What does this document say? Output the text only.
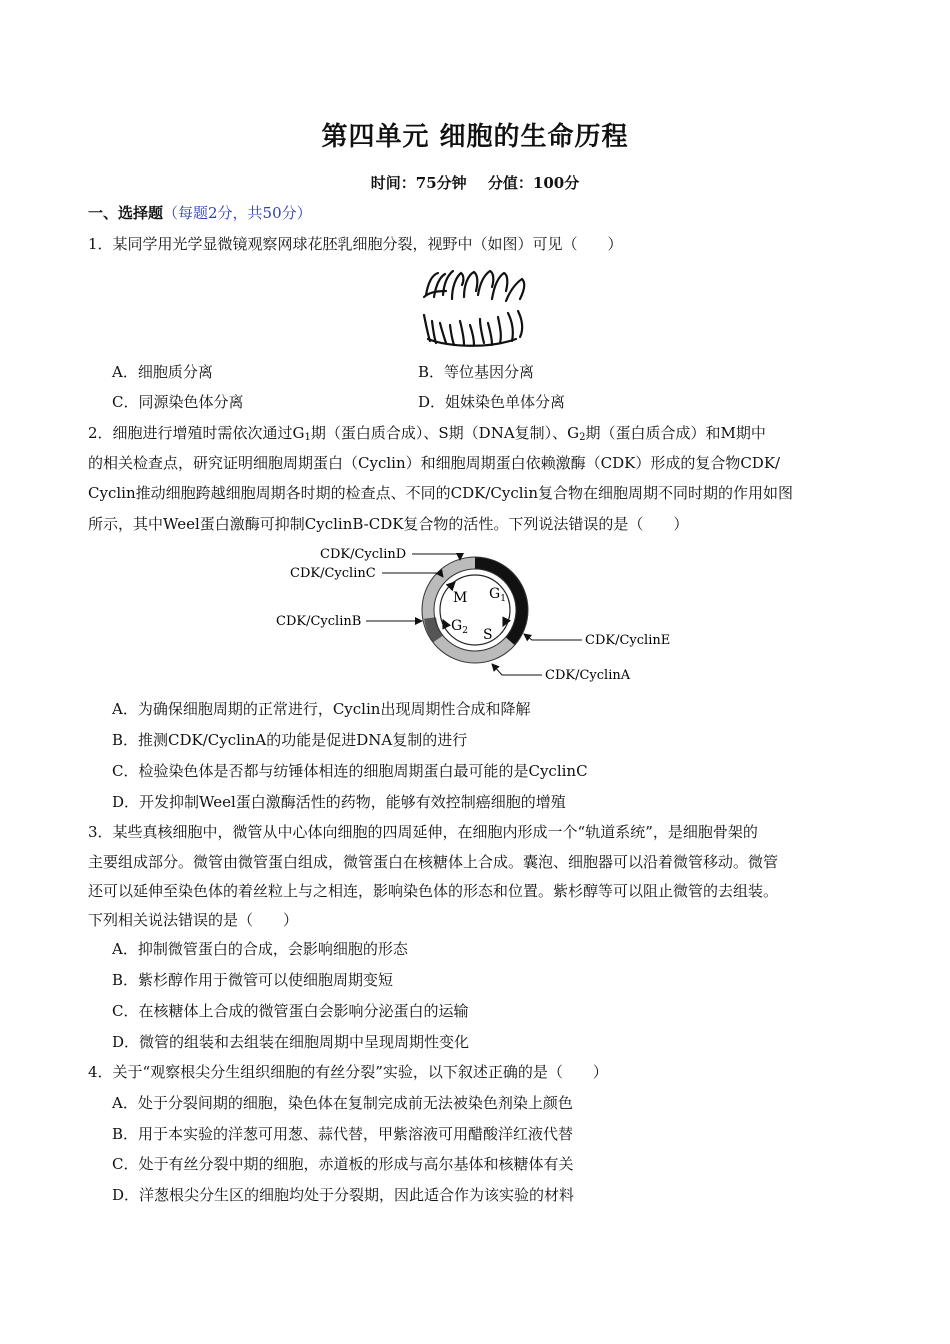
第四单元 细胞的生命历程
时间：75分钟 分值：100分
一、选择题（每题2分，共50分）
1．某同学用光学显微镜观察网球花胚乳细胞分裂，视野中（如图）可见（　　）
A．细胞质分离	B．等位基因分离
C．同源染色体分离	D．姐妹染色单体分离
2．细胞进行增殖时需依次通过$G_1$期（蛋白质合成）、S期（DNA复制）、$G_2$期（蛋白质合成）和M期中
的相关检查点，研究证明细胞周期蛋白（Cyclin）和细胞周期蛋白依赖激酶（CDK）形成的复合物CDK/
Cyclin推动细胞跨越细胞周期各时期的检查点、不同的CDK/Cyclin复合物在细胞周期不同时期的作用如图
所示，其中Weel蛋白激酶可抑制CyclinB-CDK复合物的活性。下列说法错误的是（　　）
M $G_1$
$G_2$ S
CDK/CyclinD
CDK/CyclinC
CDK/CyclinB
CDK/CyclinE
CDK/CyclinA
A．为确保细胞周期的正常进行，Cyclin出现周期性合成和降解
B．推测CDK/CyclinA的功能是促进DNA复制的进行
C．检验染色体是否都与纺锤体相连的细胞周期蛋白最可能的是CyclinC
D．开发抑制Weel蛋白激酶活性的药物，能够有效控制癌细胞的增殖
3．某些真核细胞中，微管从中心体向细胞的四周延伸，在细胞内形成一个“轨道系统”，是细胞骨架的
主要组成部分。微管由微管蛋白组成，微管蛋白在核糖体上合成。囊泡、细胞器可以沿着微管移动。微管
还可以延伸至染色体的着丝粒上与之相连，影响染色体的形态和位置。紫杉醇等可以阻止微管的去组装。
下列相关说法错误的是（　　）
A．抑制微管蛋白的合成，会影响细胞的形态
B．紫杉醇作用于微管可以使细胞周期变短
C．在核糖体上合成的微管蛋白会影响分泌蛋白的运输
D．微管的组装和去组装在细胞周期中呈现周期性变化
4．关于“观察根尖分生组织细胞的有丝分裂”实验，以下叙述正确的是（　　）
A．处于分裂间期的细胞，染色体在复制完成前无法被染色剂染上颜色
B．用于本实验的洋葱可用葱、蒜代替，甲紫溶液可用醋酸洋红液代替
C．处于有丝分裂中期的细胞，赤道板的形成与高尔基体和核糖体有关
D．洋葱根尖分生区的细胞均处于分裂期，因此适合作为该实验的材料
